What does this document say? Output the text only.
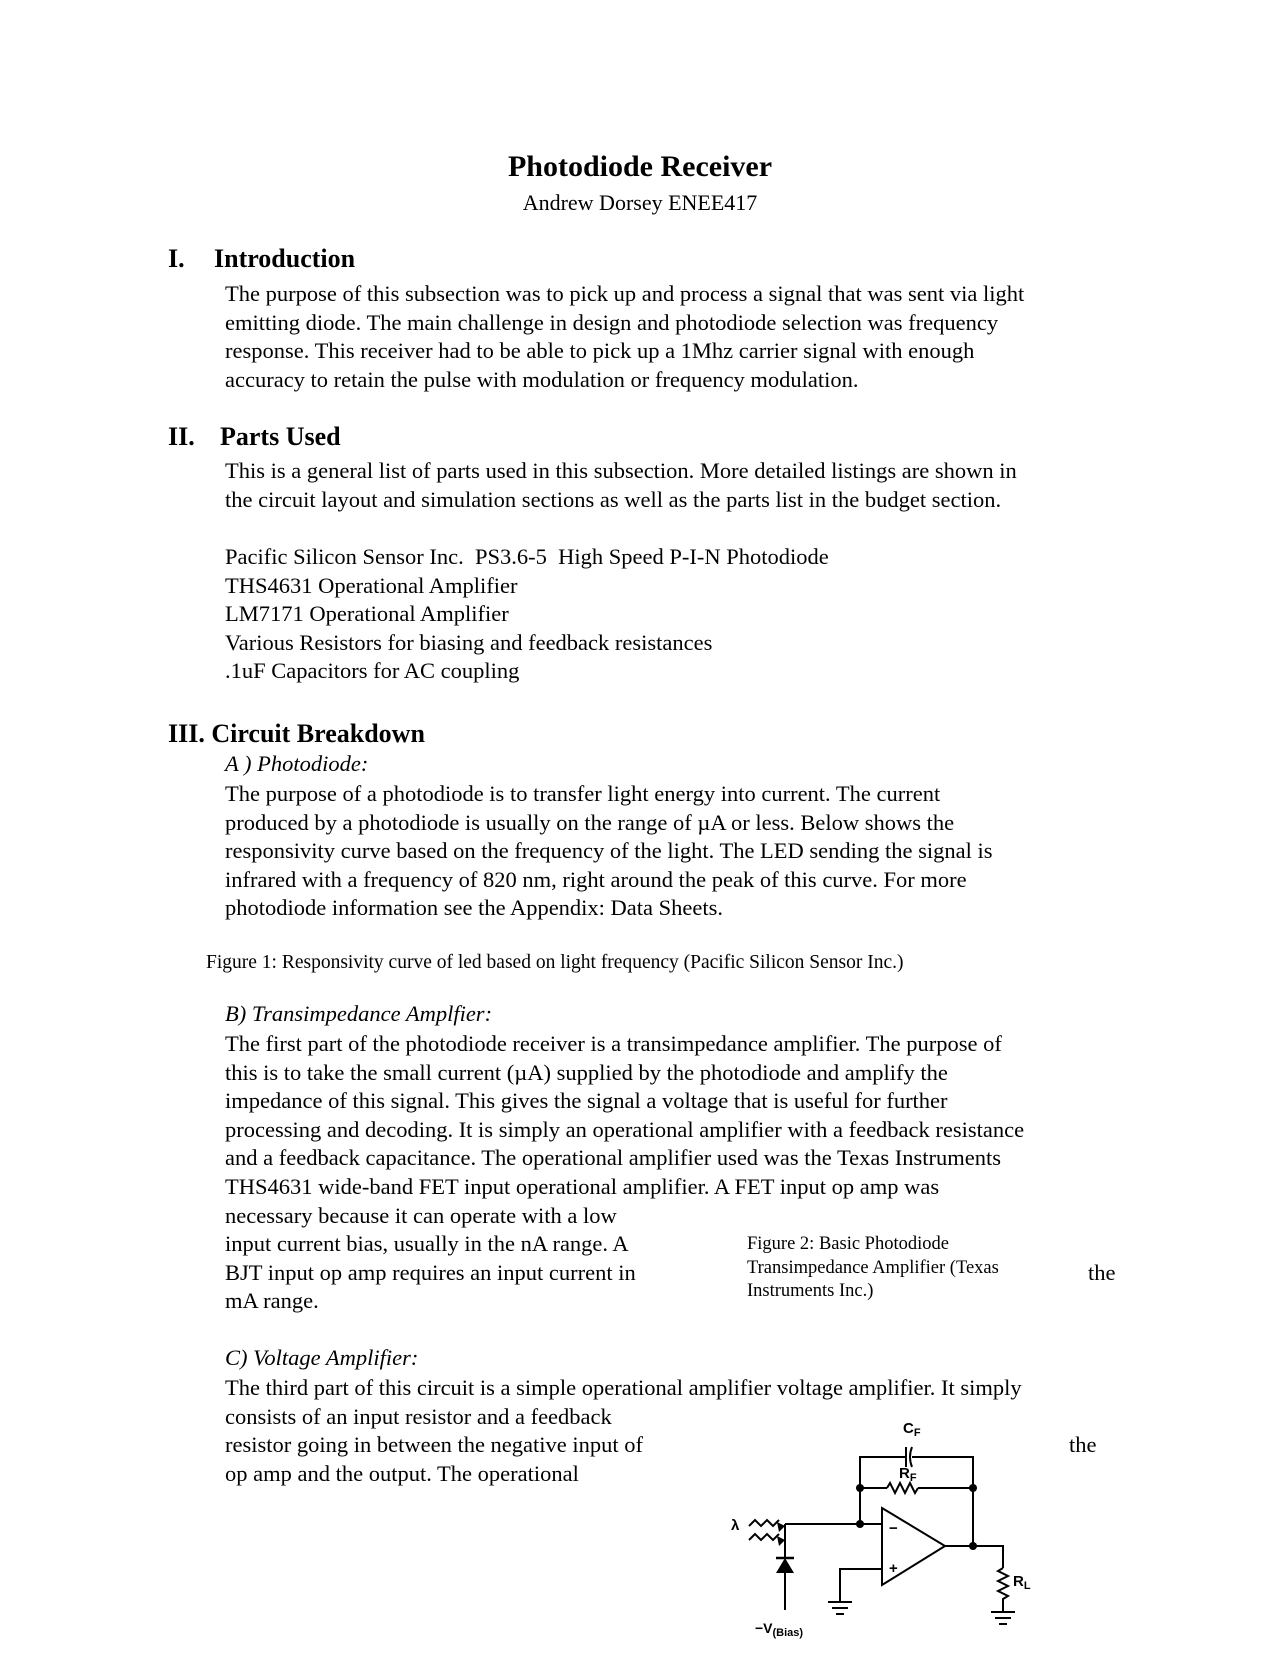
Photodiode Receiver
Andrew Dorsey ENEE417
I. Introduction
The purpose of this subsection was to pick up and process a signal that was sent via light
emitting diode. The main challenge in design and photodiode selection was frequency
response. This receiver had to be able to pick up a 1Mhz carrier signal with enough
accuracy to retain the pulse with modulation or frequency modulation.
II. Parts Used
This is a general list of parts used in this subsection. More detailed listings are shown in
the circuit layout and simulation sections as well as the parts list in the budget section.
Pacific Silicon Sensor Inc.  PS3.6-5  High Speed P-I-N Photodiode
THS4631 Operational Amplifier
LM7171 Operational Amplifier
Various Resistors for biasing and feedback resistances
.1uF Capacitors for AC coupling
III. Circuit Breakdown
A ) Photodiode:
The purpose of a photodiode is to transfer light energy into current. The current
produced by a photodiode is usually on the range of µA or less. Below shows the
responsivity curve based on the frequency of the light. The LED sending the signal is
infrared with a frequency of 820 nm, right around the peak of this curve. For more
photodiode information see the Appendix: Data Sheets.
Figure 1: Responsivity curve of led based on light frequency (Pacific Silicon Sensor Inc.)
B) Transimpedance Amplfier:
The first part of the photodiode receiver is a transimpedance amplifier. The purpose of
this is to take the small current (µA) supplied by the photodiode and amplify the
impedance of this signal. This gives the signal a voltage that is useful for further
processing and decoding. It is simply an operational amplifier with a feedback resistance
and a feedback capacitance. The operational amplifier used was the Texas Instruments
THS4631 wide-band FET input operational amplifier. A FET input op amp was
necessary because it can operate with a low
input current bias, usually in the nA range. A
BJT input op amp requires an input current in
mA range.
the
Figure 2: Basic Photodiode
Transimpedance Amplifier (Texas
Instruments Inc.)
C) Voltage Amplifier:
The third part of this circuit is a simple operational amplifier voltage amplifier. It simply
consists of an input resistor and a feedback
resistor going in between the negative input of
op amp and the output. The operational
the
$C_F$
$R_F$
$R_L$
λ	−
+
$-V_{(Bias)}$
